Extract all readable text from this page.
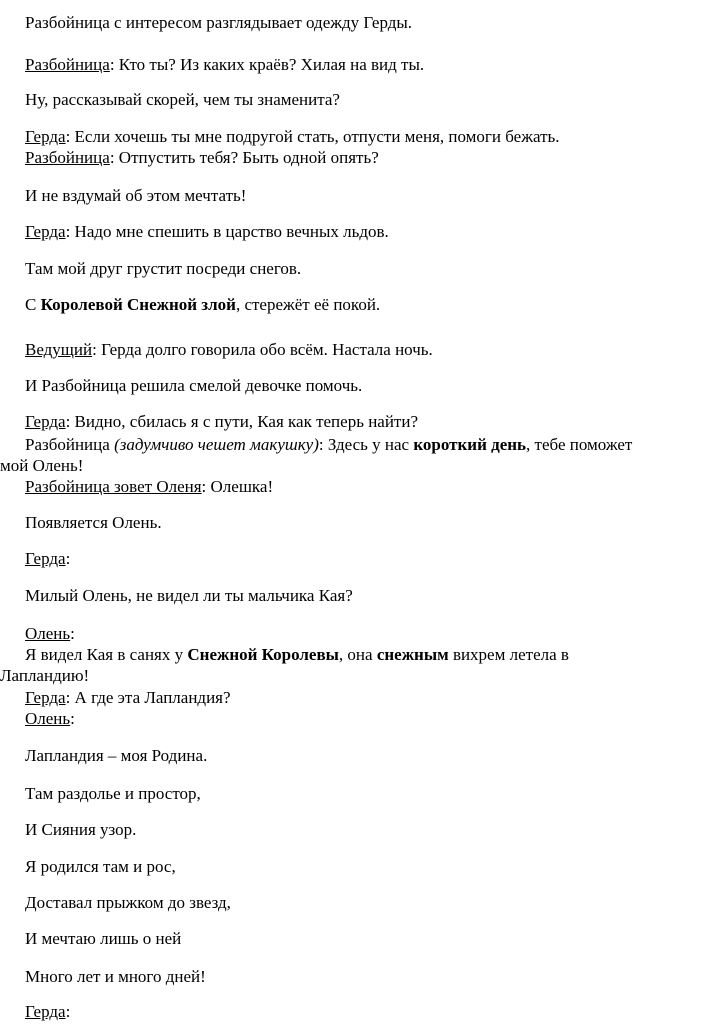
Разбойница с интересом разглядывает одежду Герды.
Разбойница: Кто ты? Из каких краёв? Хилая на вид ты.
Ну, рассказывай скорей, чем ты знаменита?
Герда: Если хочешь ты мне подругой стать, отпусти меня, помоги бежать.
Разбойница: Отпустить тебя? Быть одной опять?
И не вздумай об этом мечтать!
Герда: Надо мне спешить в царство вечных льдов.
Там мой друг грустит посреди снегов.
С Королевой Снежной злой, стережёт её покой.
Ведущий: Герда долго говорила обо всём. Настала ночь.
И Разбойница решила смелой девочке помочь.
Герда: Видно, сбилась я с пути, Кая как теперь найти?
Разбойница (задумчиво чешет макушку): Здесь у нас короткий день, тебе поможет
мой Олень!
Разбойница зовет Оленя: Олешка!
Появляется Олень.
Герда:
Милый Олень, не видел ли ты мальчика Кая?
Олень:
Я видел Кая в санях у Снежной Королевы, она снежным вихрем летела в
Лапландию!
Герда: А где эта Лапландия?
Олень:
Лапландия – моя Родина.
Там раздолье и простор,
И Сияния узор.
Я родился там и рос,
Доставал прыжком до звезд,
И мечтаю лишь о ней
Много лет и много дней!
Герда:
